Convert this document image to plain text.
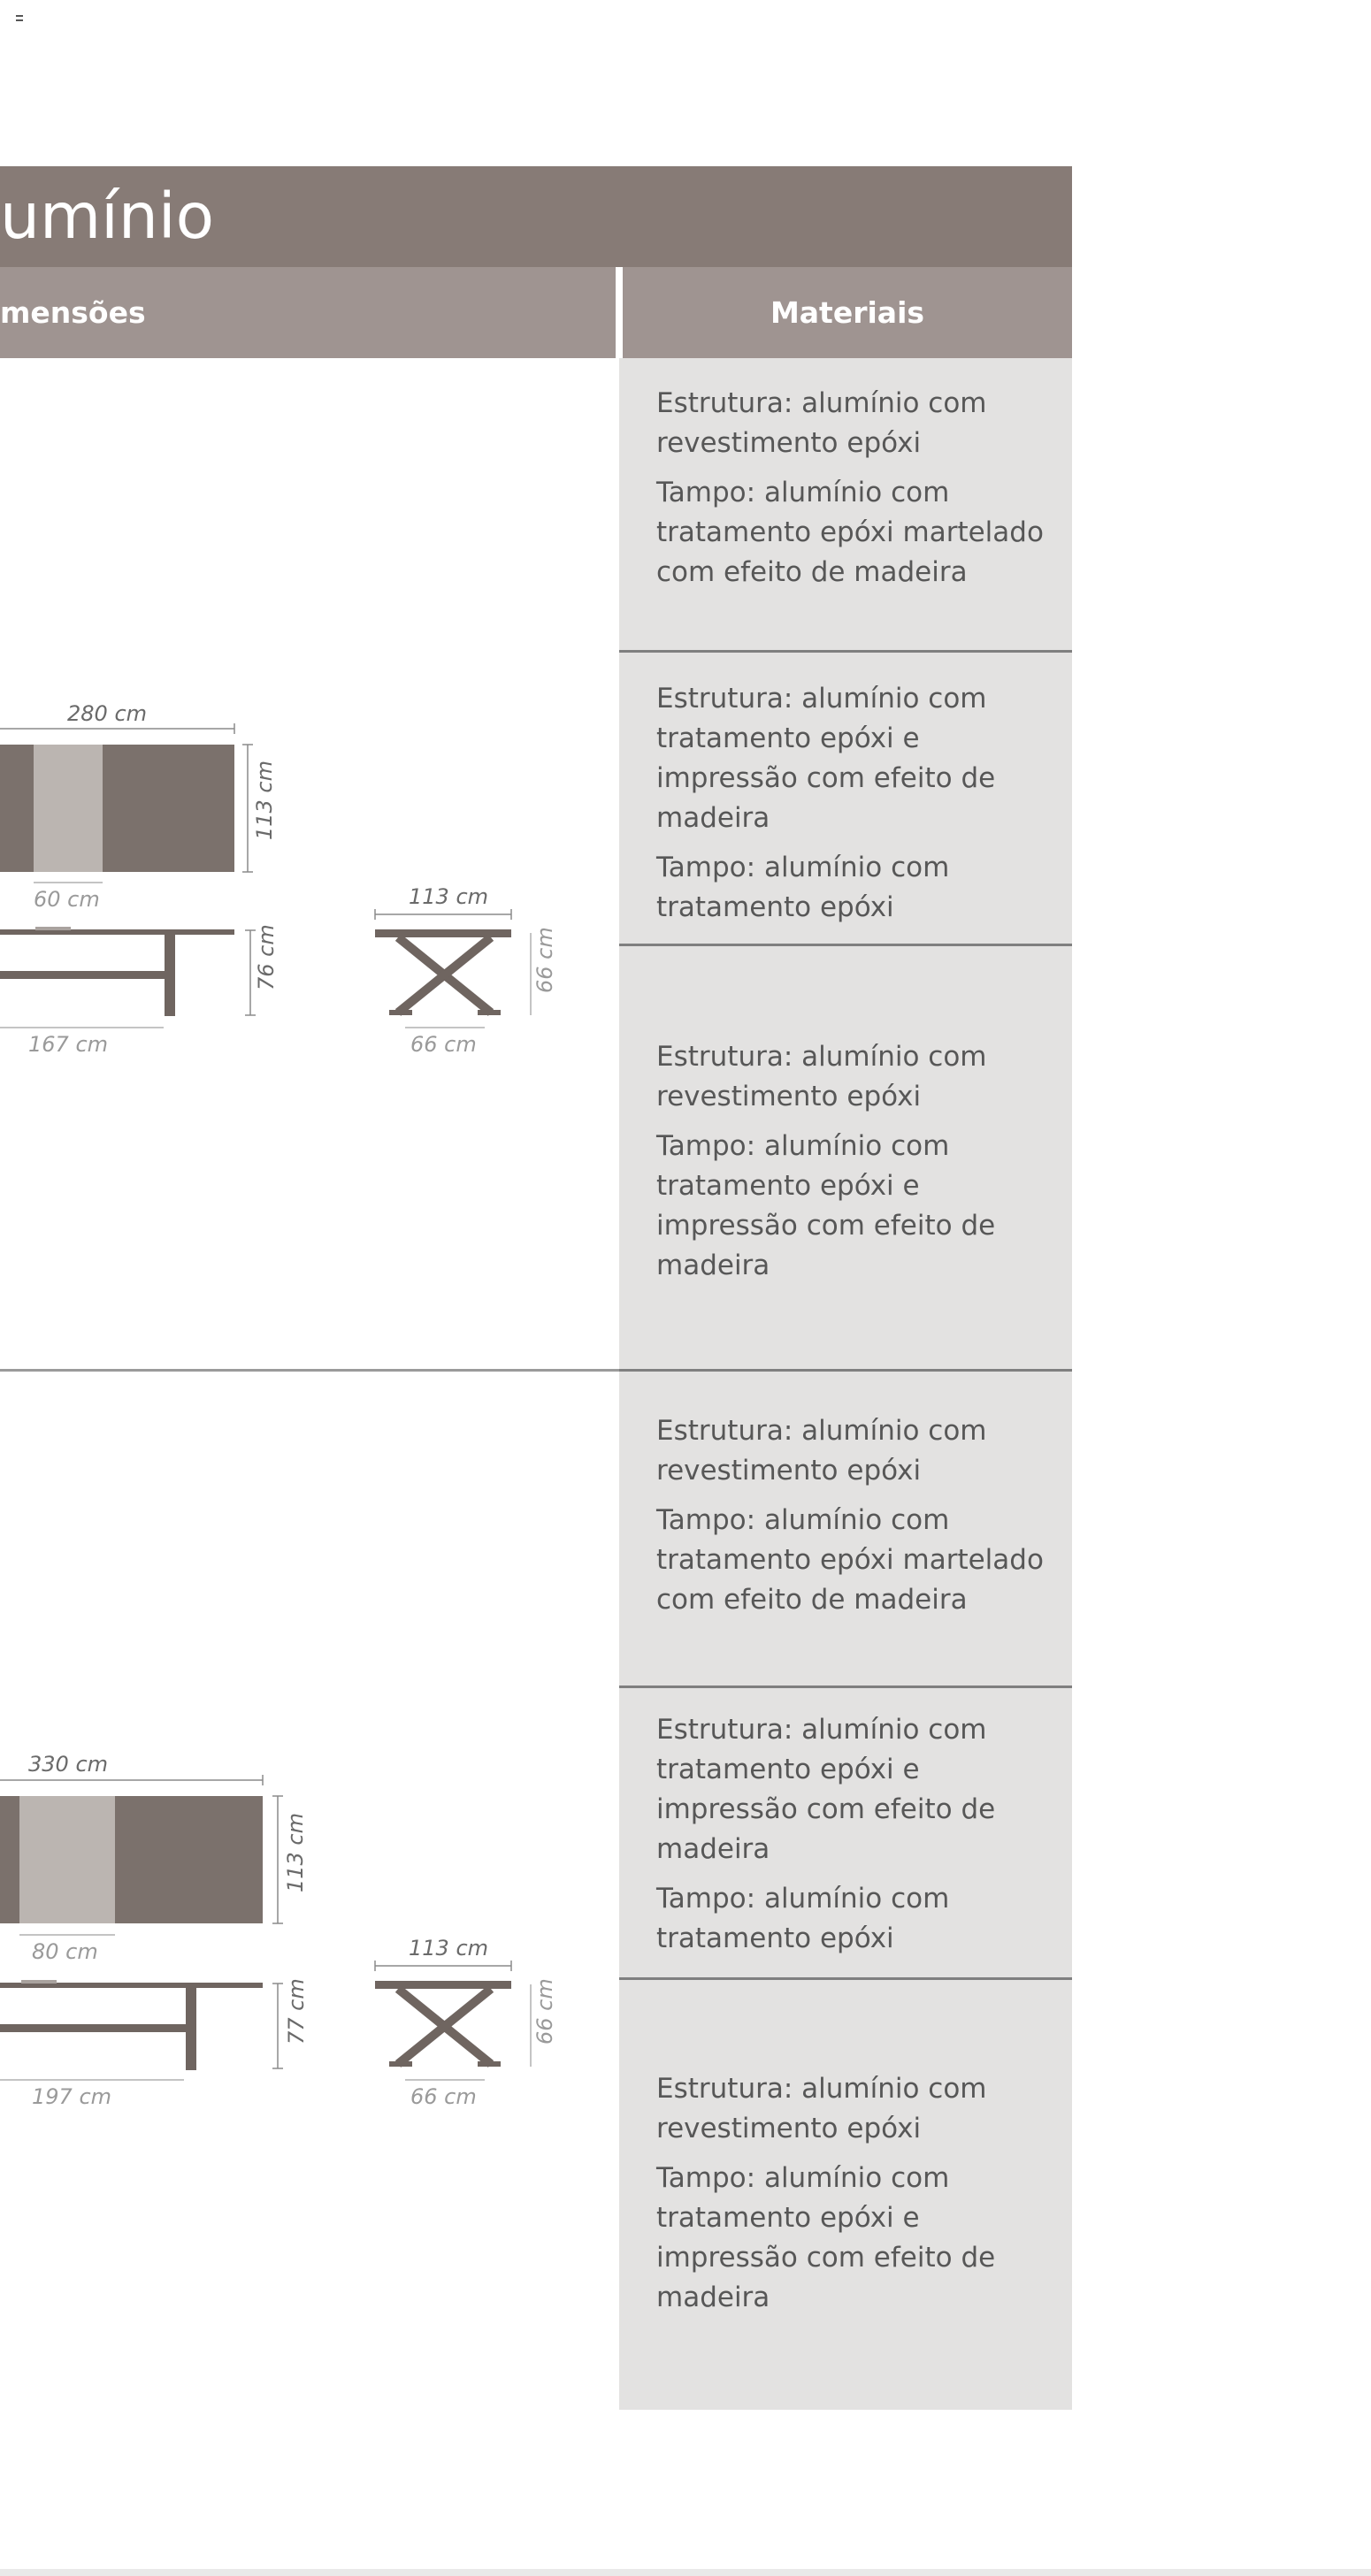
umínio
mensões	Materiais
280 cm
113 cm
60 cm
76 cm
167 cm
113 cm
66 cm
66 cm
330 cm
113 cm
80 cm
77 cm
197 cm
113 cm
66 cm
66 cm

Estrutura: alumínio com revestimento epóxi

Tampo: alumínio com tratamento epóxi martelado com efeito de madeira

Estrutura: alumínio com tratamento epóxi e impressão com efeito de madeira

Tampo: alumínio com tratamento epóxi

Estrutura: alumínio com revestimento epóxi

Tampo: alumínio com tratamento epóxi e impressão com efeito de madeira

Estrutura: alumínio com revestimento epóxi

Tampo: alumínio com tratamento epóxi martelado com efeito de madeira

Estrutura: alumínio com tratamento epóxi e impressão com efeito de madeira

Tampo: alumínio com tratamento epóxi

Estrutura: alumínio com revestimento epóxi

Tampo: alumínio com tratamento epóxi e impressão com efeito de madeira
